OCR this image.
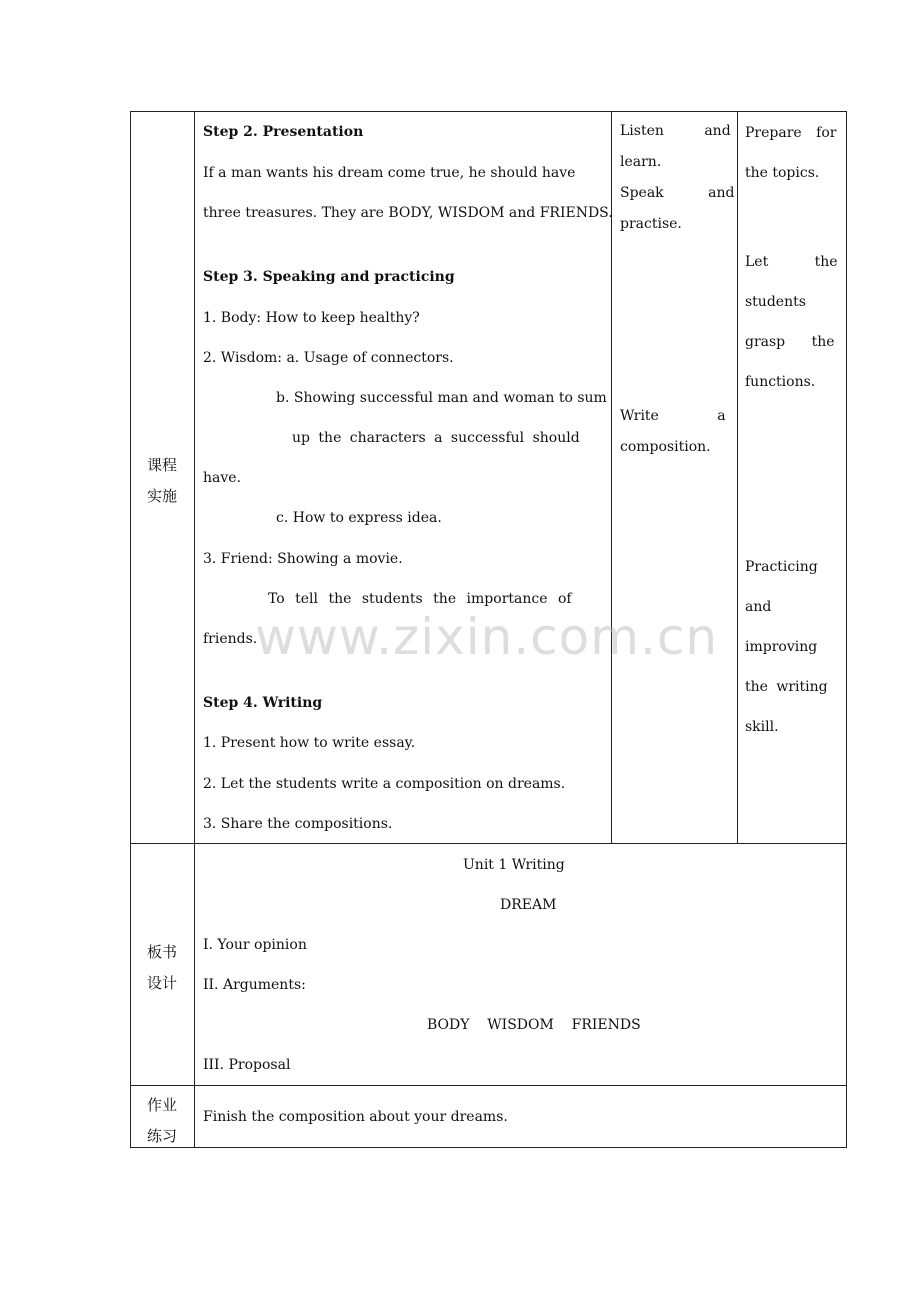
课程
实施
Step 2. Presentation
If a man wants his dream come true, he should have
three treasures. They are BODY, WISDOM and FRIENDS.
Step 3. Speaking and practicing
1. Body: How to keep healthy?
2. Wisdom: a. Usage of connectors.
b. Showing successful man and woman to sum
up the characters a successful should
have.
c. How to express idea.
3. Friend: Showing a movie.
To tell the students the importance of
friends.
Step 4. Writing
1. Present how to write essay.
2. Let the students write a composition on dreams.
3. Share the compositions.
Listen and
learn.
Speak and
practise.
Write a
composition.
Prepare for
the topics.
Let the
students
grasp the
functions.
Practicing
and
improving
the writing
skill.
板书
设计
Unit 1 Writing
DREAM
I. Your opinion
II. Arguments:
BODY    WISDOM    FRIENDS
III. Proposal
作业
练习
Finish the composition about your dreams.
www.zixin.com.cn
